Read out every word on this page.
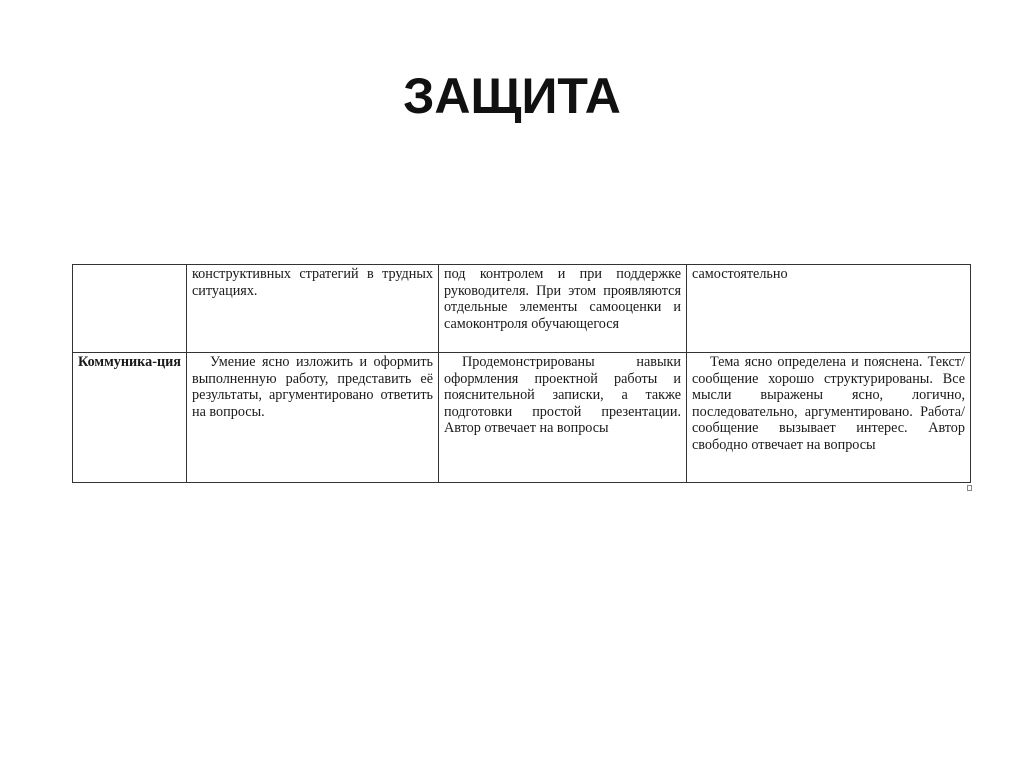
ЗАЩИТА
	конструктивных стратегий в трудных ситуациях.	под контролем и при поддержке руководителя. При этом проявляются отдельные элементы самооценки и самоконтроля обучающегося	самостоятельно
Коммуника-ция	Умение ясно изложить и оформить выполненную работу, представить её результаты, аргументировано ответить на вопросы.	Продемонстрированы навыки оформления проектной работы и пояснительной записки, а также подготовки простой презентации. Автор отвечает на вопросы	Тема ясно определена и пояснена. Текст/сообщение хорошо структурированы. Все мысли выражены ясно, логично, последовательно, аргументировано. Работа/сообщение вызывает интерес. Автор свободно отвечает на вопросы
